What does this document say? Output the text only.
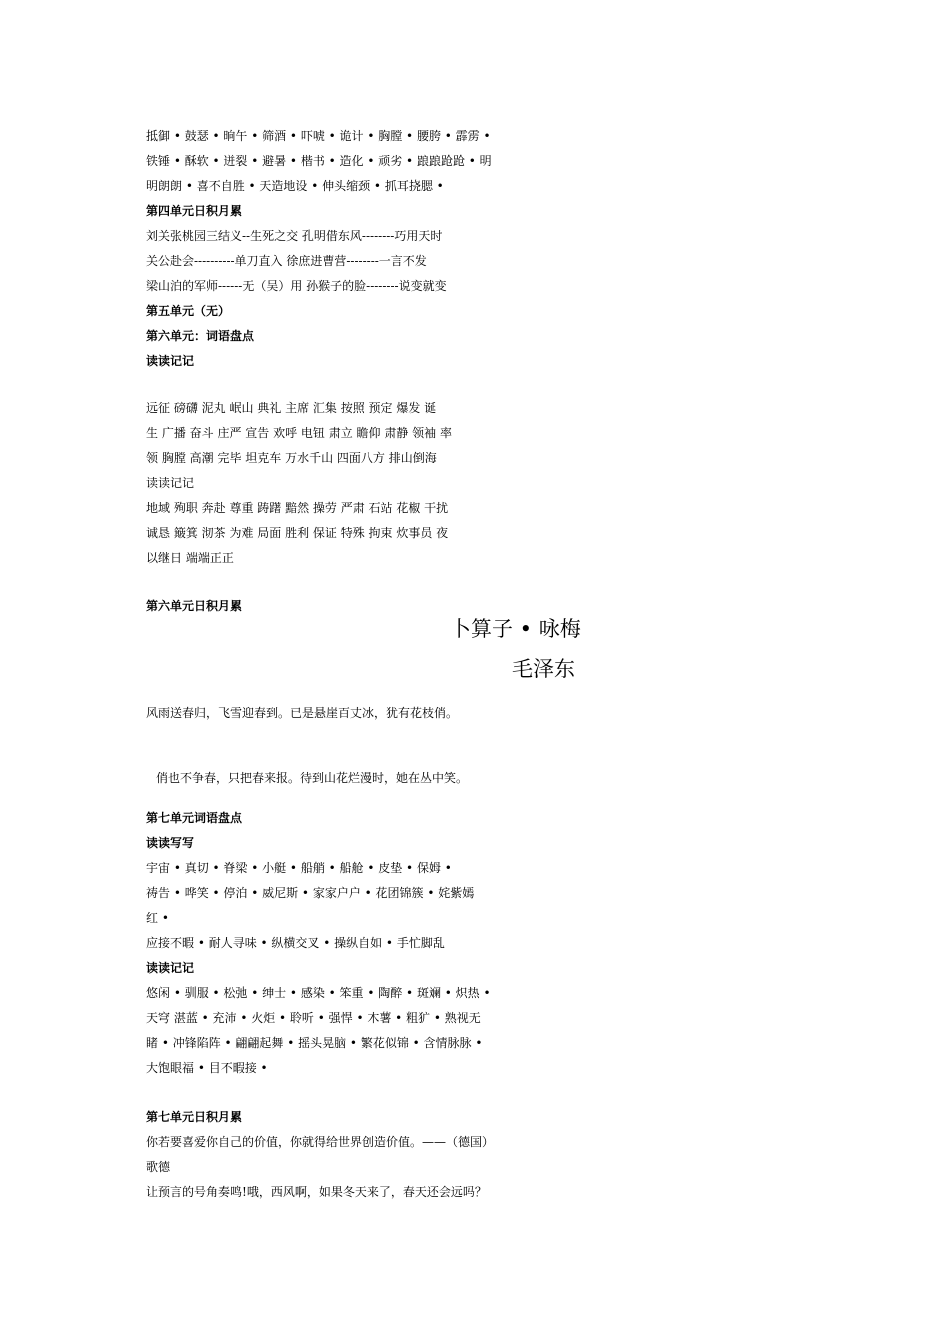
抵御 • 鼓瑟 • 晌午 • 筛酒 • 吓唬 • 诡计 • 胸膛 • 腰胯 • 霹雳 •
铁锤 • 酥软 • 迸裂 • 避暑 • 楷书 • 造化 • 顽劣 • 踉踉跄跄 • 明
明朗朗 • 喜不自胜 • 天造地设 • 伸头缩颈 • 抓耳挠腮 •
第四单元日积月累
刘关张桃园三结义--生死之交 孔明借东风--------巧用天时
关公赴会----------单刀直入 徐庶进曹营--------一言不发
梁山泊的军师------无（吴）用 孙猴子的脸--------说变就变
第五单元（无）
第六单元：词语盘点
读读记记
远征 磅礴 泥丸 岷山 典礼 主席 汇集 按照 预定 爆发 诞
生 广播 奋斗 庄严 宣告 欢呼 电钮 肃立 瞻仰 肃静 领袖 率
领 胸膛 高潮 完毕 坦克车 万水千山 四面八方 排山倒海
读读记记
地域 殉职 奔赴 尊重 踌躇 黯然 操劳 严肃 石站 花椒 干扰
诚恳 簸箕 沏茶 为难 局面 胜利 保证 特殊 拘束 炊事员 夜
以继日 端端正正
第六单元日积月累
卜算子 • 咏梅
毛泽东
风雨送春归，飞雪迎春到。已是悬崖百丈冰，犹有花枝俏。
俏也不争春，只把春来报。待到山花烂漫时，她在丛中笑。
第七单元词语盘点
读读写写
宇宙 • 真切 • 脊梁 • 小艇 • 船艄 • 船舱 • 皮垫 • 保姆 •
祷告 • 哗笑 • 停泊 • 威尼斯 • 家家户户 • 花团锦簇 • 姹紫嫣
红 •
应接不暇 • 耐人寻味 • 纵横交叉 • 操纵自如 • 手忙脚乱
读读记记
悠闲 • 驯服 • 松弛 • 绅士 • 感染 • 笨重 • 陶醉 • 斑斓 • 炽热 •
天穹 湛蓝 • 充沛 • 火炬 • 聆听 • 强悍 • 木薯 • 粗犷 • 熟视无
睹 • 冲锋陷阵 • 翩翩起舞 • 摇头晃脑 • 繁花似锦 • 含情脉脉 •
大饱眼福 • 目不暇接 •
第七单元日积月累
你若要喜爱你自己的价值，你就得给世界创造价值。——（德国）
歌德
让预言的号角奏鸣!哦，西风啊，如果冬天来了，春天还会远吗？
